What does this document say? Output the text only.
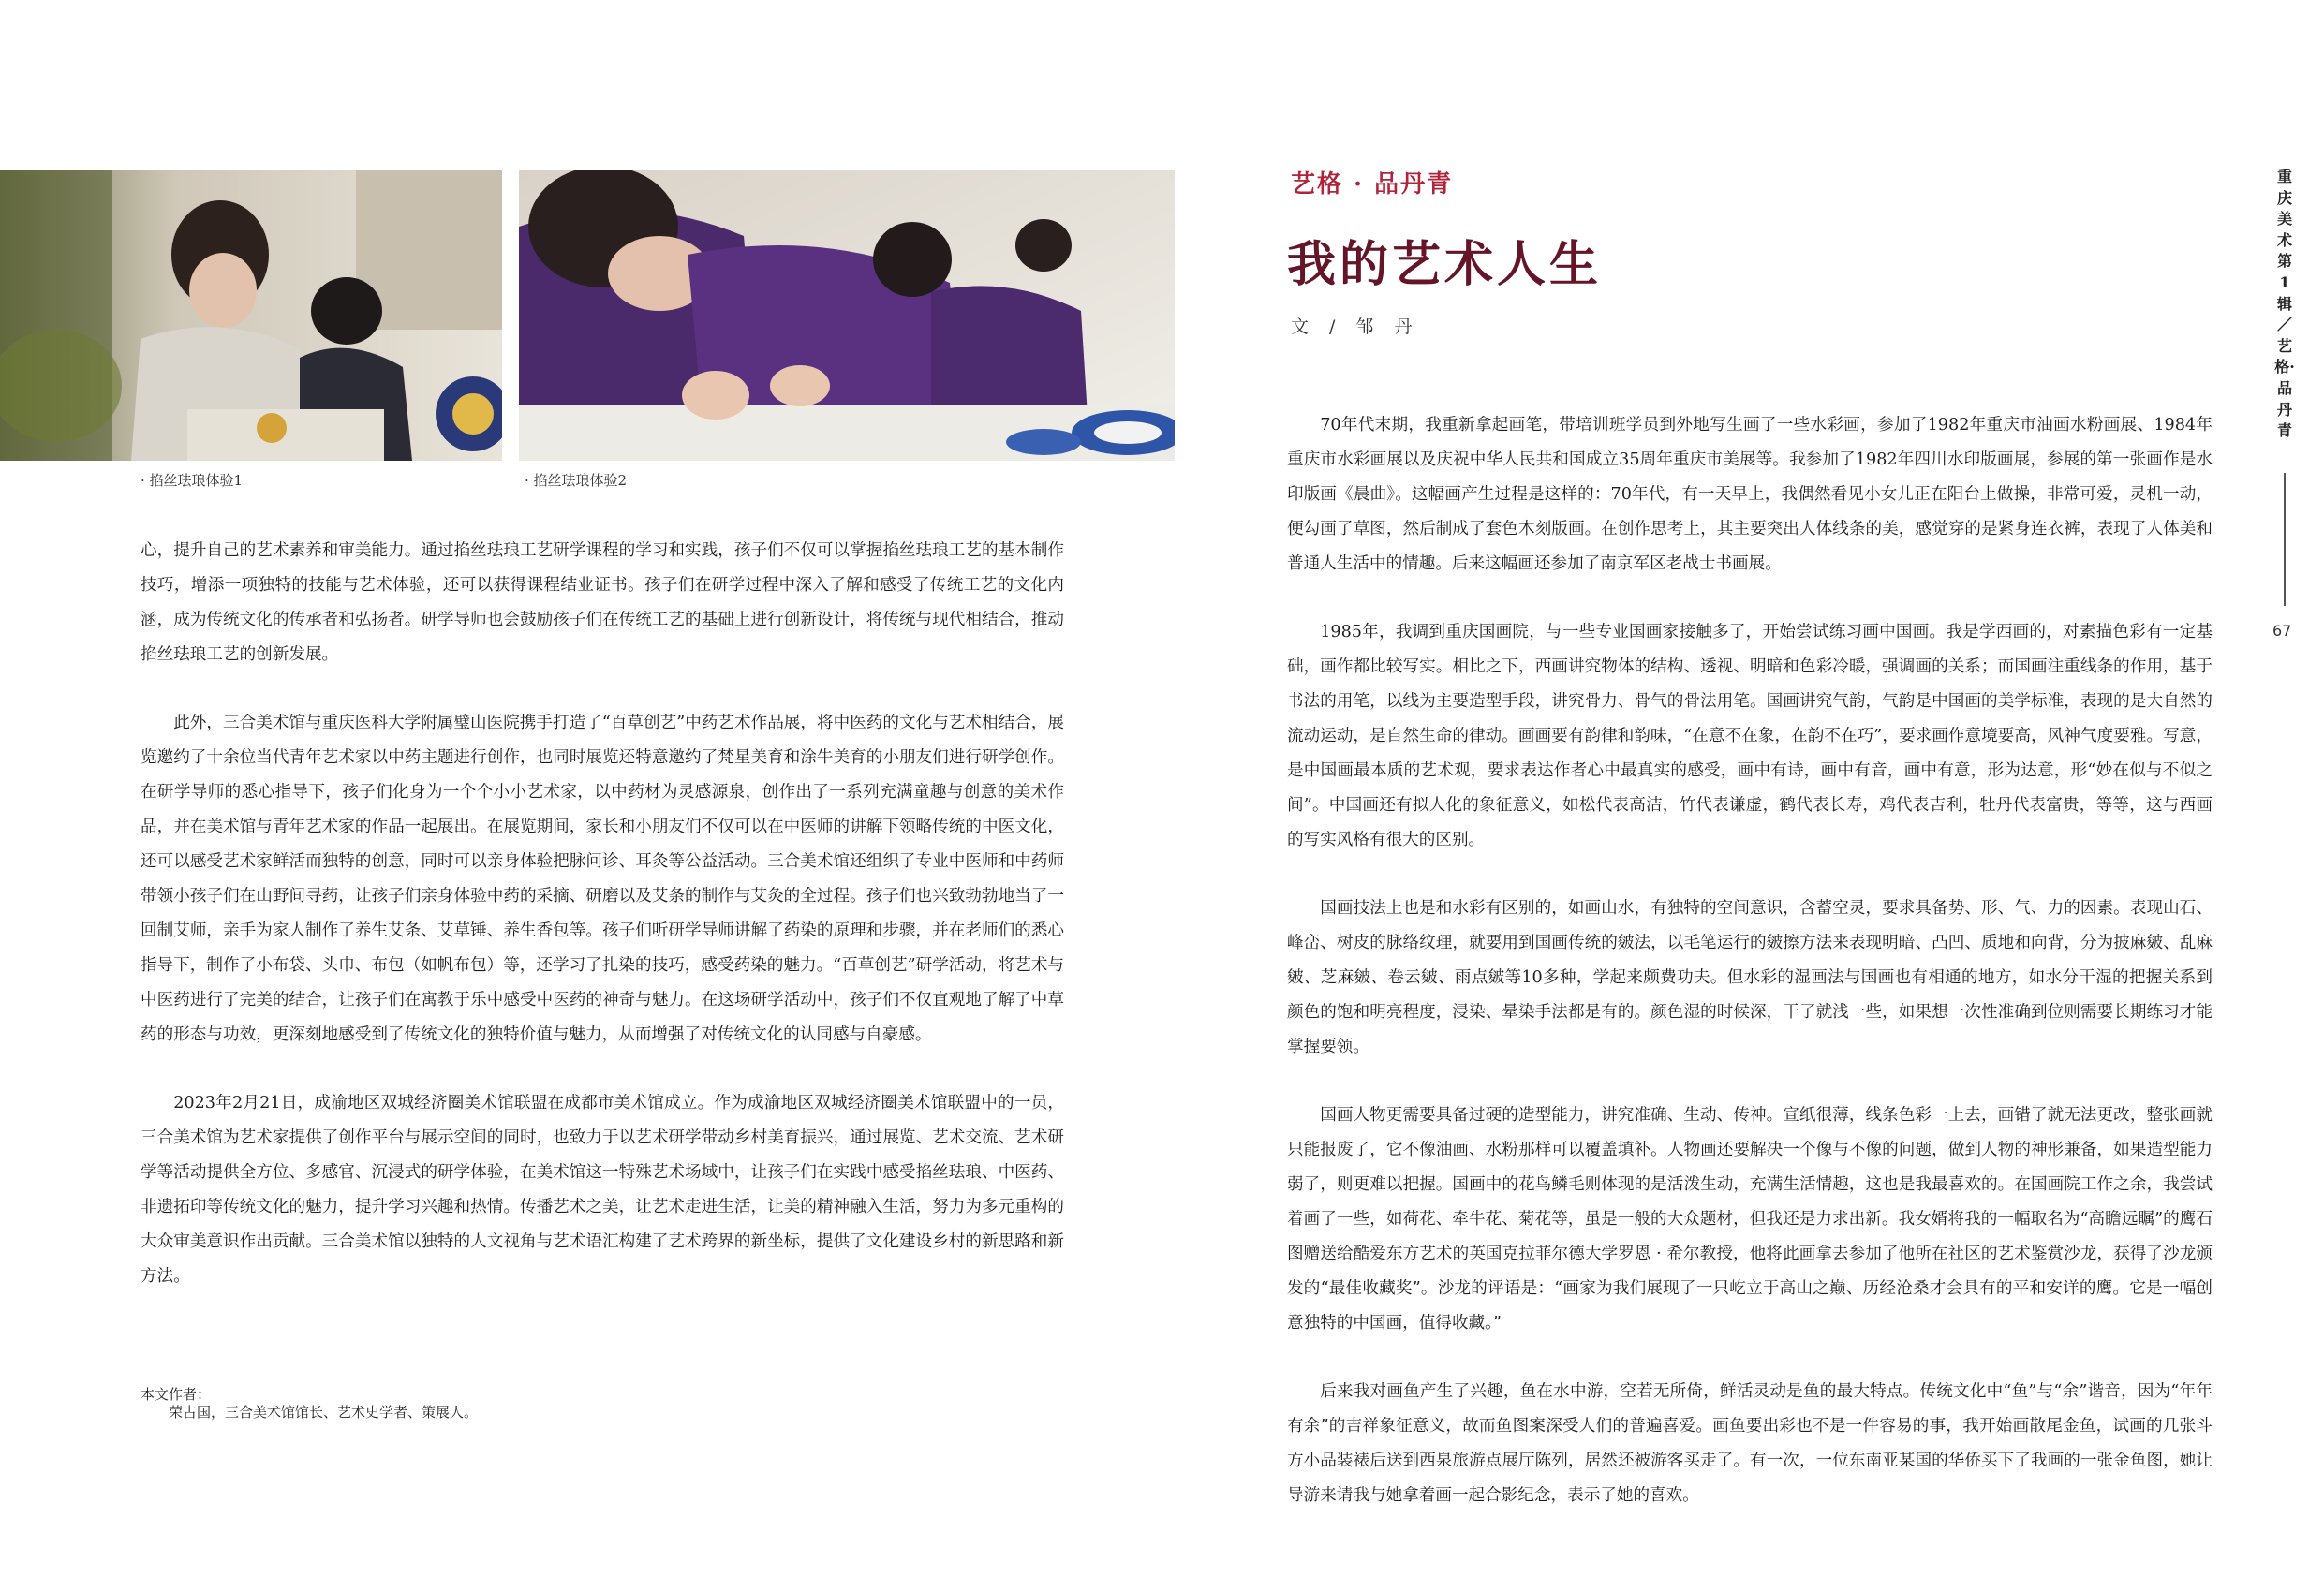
· 掐丝珐琅体验1	· 掐丝珐琅体验2

心，提升自己的艺术素养和审美能力。通过掐丝珐琅工艺研学课程的学习和实践，孩子们不仅可以掌握掐丝珐琅工艺的基本制作技巧，增添一项独特的技能与艺术体验，还可以获得课程结业证书。孩子们在研学过程中深入了解和感受了传统工艺的文化内涵，成为传统文化的传承者和弘扬者。研学导师也会鼓励孩子们在传统工艺的基础上进行创新设计，将传统与现代相结合，推动掐丝珐琅工艺的创新发展。

此外，三合美术馆与重庆医科大学附属璧山医院携手打造了“百草创艺”中药艺术作品展，将中医药的文化与艺术相结合，展览邀约了十余位当代青年艺术家以中药主题进行创作，也同时展览还特意邀约了梵星美育和涂牛美育的小朋友们进行研学创作。在研学导师的悉心指导下，孩子们化身为一个个小小艺术家，以中药材为灵感源泉，创作出了一系列充满童趣与创意的美术作品，并在美术馆与青年艺术家的作品一起展出。在展览期间，家长和小朋友们不仅可以在中医师的讲解下领略传统的中医文化，还可以感受艺术家鲜活而独特的创意，同时可以亲身体验把脉问诊、耳灸等公益活动。三合美术馆还组织了专业中医师和中药师带领小孩子们在山野间寻药，让孩子们亲身体验中药的采摘、研磨以及艾条的制作与艾灸的全过程。孩子们也兴致勃勃地当了一回制艾师，亲手为家人制作了养生艾条、艾草锤、养生香包等。孩子们听研学导师讲解了药染的原理和步骤，并在老师们的悉心指导下，制作了小布袋、头巾、布包（如帆布包）等，还学习了扎染的技巧，感受药染的魅力。“百草创艺”研学活动，将艺术与中医药进行了完美的结合，让孩子们在寓教于乐中感受中医药的神奇与魅力。在这场研学活动中，孩子们不仅直观地了解了中草药的形态与功效，更深刻地感受到了传统文化的独特价值与魅力，从而增强了对传统文化的认同感与自豪感。

2023年2月21日，成渝地区双城经济圈美术馆联盟在成都市美术馆成立。作为成渝地区双城经济圈美术馆联盟中的一员，三合美术馆为艺术家提供了创作平台与展示空间的同时，也致力于以艺术研学带动乡村美育振兴，通过展览、艺术交流、艺术研学等活动提供全方位、多感官、沉浸式的研学体验，在美术馆这一特殊艺术场域中，让孩子们在实践中感受掐丝珐琅、中医药、非遗拓印等传统文化的魅力，提升学习兴趣和热情。传播艺术之美，让艺术走进生活，让美的精神融入生活，努力为多元重构的大众审美意识作出贡献。三合美术馆以独特的人文视角与艺术语汇构建了艺术跨界的新坐标，提供了文化建设乡村的新思路和新方法。

本文作者：
荣占国，三合美术馆馆长、艺术史学者、策展人。
艺格 · 品丹青
我的艺术人生
文 / 邹 丹

70年代末期，我重新拿起画笔，带培训班学员到外地写生画了一些水彩画，参加了1982年重庆市油画水粉画展、1984年重庆市水彩画展以及庆祝中华人民共和国成立35周年重庆市美展等。我参加了1982年四川水印版画展，参展的第一张画作是水印版画《晨曲》。这幅画产生过程是这样的：70年代，有一天早上，我偶然看见小女儿正在阳台上做操，非常可爱，灵机一动，便勾画了草图，然后制成了套色木刻版画。在创作思考上，其主要突出人体线条的美，感觉穿的是紧身连衣裤，表现了人体美和普通人生活中的情趣。后来这幅画还参加了南京军区老战士书画展。

1985年，我调到重庆国画院，与一些专业国画家接触多了，开始尝试练习画中国画。我是学西画的，对素描色彩有一定基础，画作都比较写实。相比之下，西画讲究物体的结构、透视、明暗和色彩冷暖，强调画的关系；而国画注重线条的作用，基于书法的用笔，以线为主要造型手段，讲究骨力、骨气的骨法用笔。国画讲究气韵，气韵是中国画的美学标准，表现的是大自然的流动运动，是自然生命的律动。画画要有韵律和韵味，“在意不在象，在韵不在巧”，要求画作意境要高，风神气度要雅。写意，是中国画最本质的艺术观，要求表达作者心中最真实的感受，画中有诗，画中有音，画中有意，形为达意，形“妙在似与不似之间”。中国画还有拟人化的象征意义，如松代表高洁，竹代表谦虚，鹤代表长寿，鸡代表吉利，牡丹代表富贵，等等，这与西画的写实风格有很大的区别。

国画技法上也是和水彩有区别的，如画山水，有独特的空间意识，含蓄空灵，要求具备势、形、气、力的因素。表现山石、峰峦、树皮的脉络纹理，就要用到国画传统的皴法，以毛笔运行的皴擦方法来表现明暗、凸凹、质地和向背，分为披麻皴、乱麻皴、芝麻皴、卷云皴、雨点皴等10多种，学起来颇费功夫。但水彩的湿画法与国画也有相通的地方，如水分干湿的把握关系到颜色的饱和明亮程度，浸染、晕染手法都是有的。颜色湿的时候深，干了就浅一些，如果想一次性准确到位则需要长期练习才能掌握要领。

国画人物更需要具备过硬的造型能力，讲究准确、生动、传神。宣纸很薄，线条色彩一上去，画错了就无法更改，整张画就只能报废了，它不像油画、水粉那样可以覆盖填补。人物画还要解决一个像与不像的问题，做到人物的神形兼备，如果造型能力弱了，则更难以把握。国画中的花鸟鳞毛则体现的是活泼生动，充满生活情趣，这也是我最喜欢的。在国画院工作之余，我尝试着画了一些，如荷花、牵牛花、菊花等，虽是一般的大众题材，但我还是力求出新。我女婿将我的一幅取名为“高瞻远瞩”的鹰石图赠送给酷爱东方艺术的英国克拉菲尔德大学罗恩 · 希尔教授，他将此画拿去参加了他所在社区的艺术鉴赏沙龙，获得了沙龙颁发的“最佳收藏奖”。沙龙的评语是：“画家为我们展现了一只屹立于高山之巅、历经沧桑才会具有的平和安详的鹰。它是一幅创意独特的中国画，值得收藏。”

后来我对画鱼产生了兴趣，鱼在水中游，空若无所倚，鲜活灵动是鱼的最大特点。传统文化中“鱼”与“余”谐音，因为“年年有余”的吉祥象征意义，故而鱼图案深受人们的普遍喜爱。画鱼要出彩也不是一件容易的事，我开始画散尾金鱼，试画的几张斗方小品装裱后送到西泉旅游点展厅陈列，居然还被游客买走了。有一次，一位东南亚某国的华侨买下了我画的一张金鱼图，她让导游来请我与她拿着画一起合影纪念，表示了她的喜欢。

重庆美术第1辑／艺格·品丹青
67
